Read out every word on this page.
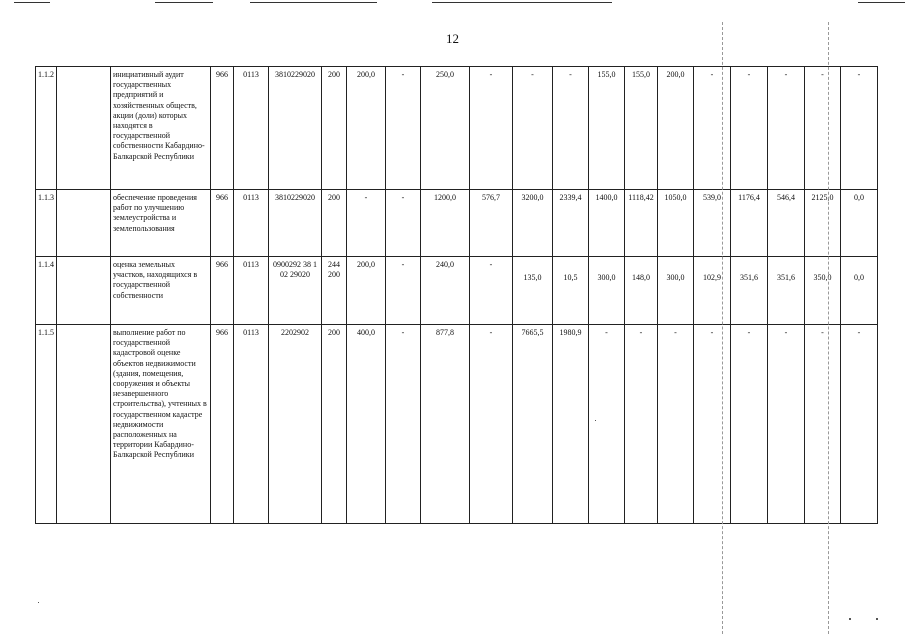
12
1.1.2		инициативный аудит государственных предприятий и хозяйственных обществ, акции (доли) которых находятся в государственной собственности Кабардино-Балкарской Республики	966	0113	3810229020	200	200,0	-	250,0	-	-	-	155,0	155,0	200,0	-	-	-	-	-
1.1.3		обеспечение проведения работ по улучшению землеустройства и землепользования	966	0113	3810229020	200	-	-	1200,0	576,7	3200,0	2339,4	1400,0	1118,42	1050,0	539,0	1176,4	546,4	2125,0	0,0
1.1.4		оценка земельных участков, находящихся в государственной собственности	966	0113	0900292 38 1 02 29020	244 200	200,0	-	240,0	-	135,0	10,5	300,0	148,0	300,0	102,9	351,6	351,6	350,0	0,0
1.1.5		выполнение работ по государственной кадастровой оценке объектов недвижимости (здания, помещения, сооружения и объекты незавершенного строительства), учтенных в государственном кадастре недвижимости расположенных на территории Кабардино-Балкарской Республики	966	0113	2202902	200	400,0	-	877,8	-	7665,5	1980,9	-	-	-	-	-	-	-	-
